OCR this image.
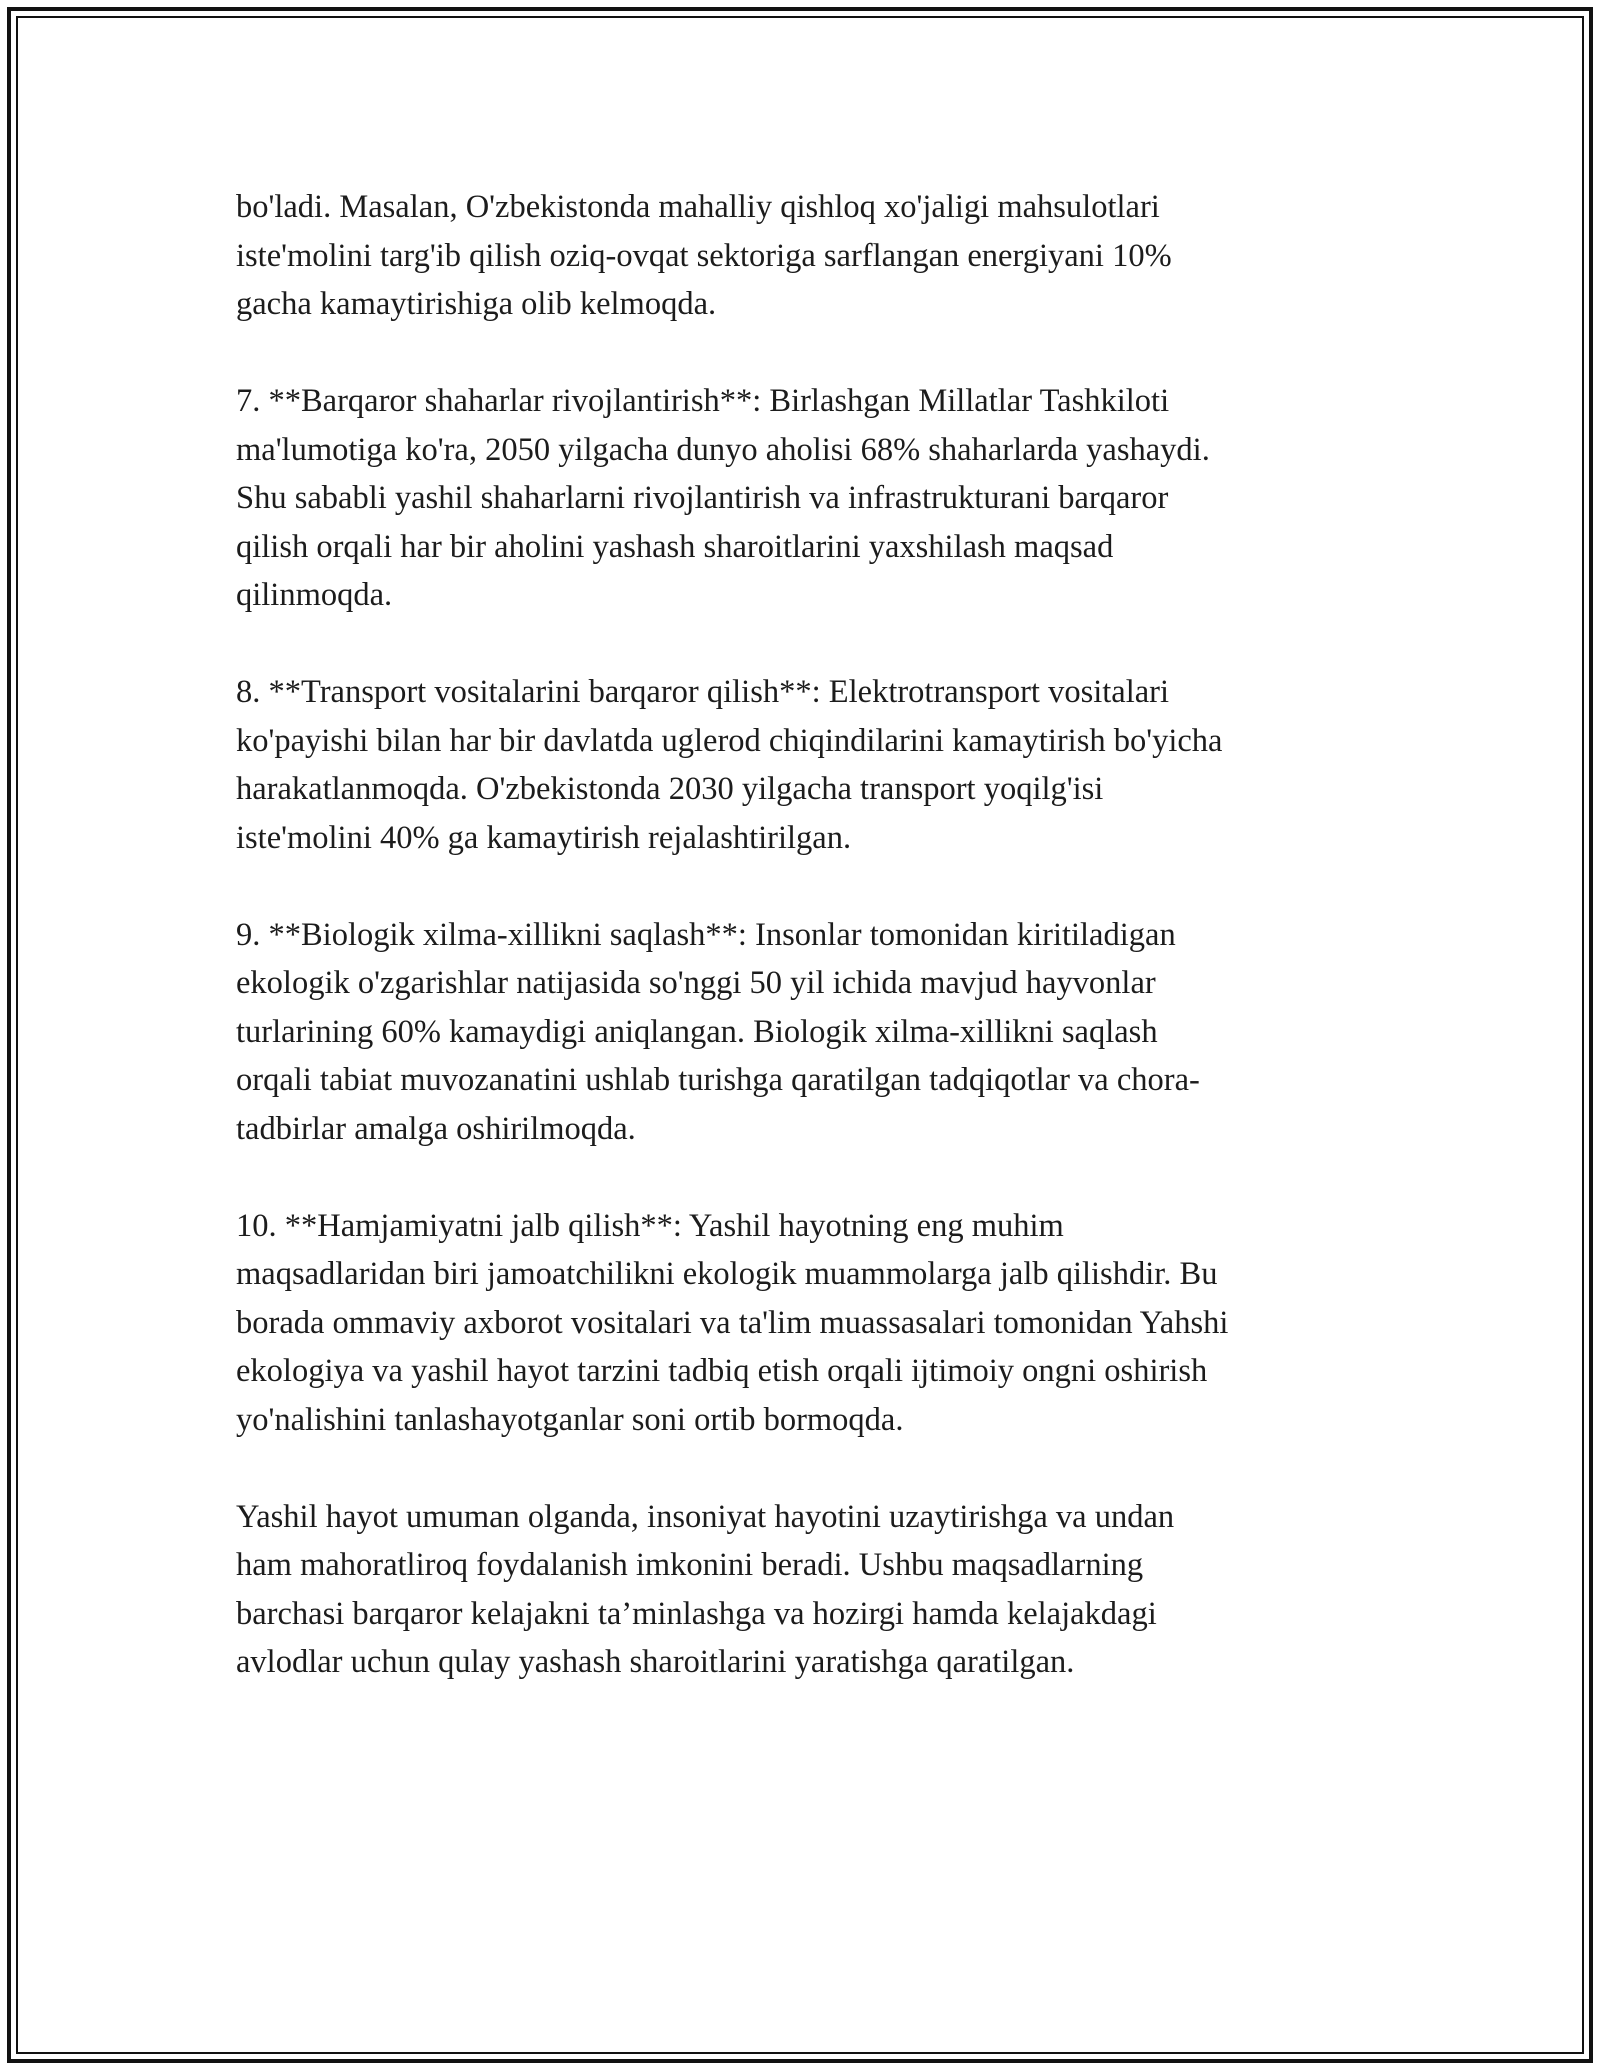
bo'ladi. Masalan, O'zbekistonda mahalliy qishloq xo'jaligi mahsulotlari
iste'molini targ'ib qilish oziq-ovqat sektoriga sarflangan energiyani 10%
gacha kamaytirishiga olib kelmoqda.

7. **Barqaror shaharlar rivojlantirish**: Birlashgan Millatlar Tashkiloti
ma'lumotiga ko'ra, 2050 yilgacha dunyo aholisi 68% shaharlarda yashaydi.
Shu sababli yashil shaharlarni rivojlantirish va infrastrukturani barqaror
qilish orqali har bir aholini yashash sharoitlarini yaxshilash maqsad
qilinmoqda.

8. **Transport vositalarini barqaror qilish**: Elektrotransport vositalari
ko'payishi bilan har bir davlatda uglerod chiqindilarini kamaytirish bo'yicha
harakatlanmoqda. O'zbekistonda 2030 yilgacha transport yoqilg'isi
iste'molini 40% ga kamaytirish rejalashtirilgan.

9. **Biologik xilma-xillikni saqlash**: Insonlar tomonidan kiritiladigan
ekologik o'zgarishlar natijasida so'nggi 50 yil ichida mavjud hayvonlar
turlarining 60% kamaydigi aniqlangan. Biologik xilma-xillikni saqlash
orqali tabiat muvozanatini ushlab turishga qaratilgan tadqiqotlar va chora-
tadbirlar amalga oshirilmoqda.

10. **Hamjamiyatni jalb qilish**: Yashil hayotning eng muhim
maqsadlaridan biri jamoatchilikni ekologik muammolarga jalb qilishdir. Bu
borada ommaviy axborot vositalari va ta'lim muassasalari tomonidan Yahshi
ekologiya va yashil hayot tarzini tadbiq etish orqali ijtimoiy ongni oshirish
yo'nalishini tanlashayotganlar soni ortib bormoqda.

Yashil hayot umuman olganda, insoniyat hayotini uzaytirishga va undan
ham mahoratliroq foydalanish imkonini beradi. Ushbu maqsadlarning
barchasi barqaror kelajakni ta’minlashga va hozirgi hamda kelajakdagi
avlodlar uchun qulay yashash sharoitlarini yaratishga qaratilgan.
